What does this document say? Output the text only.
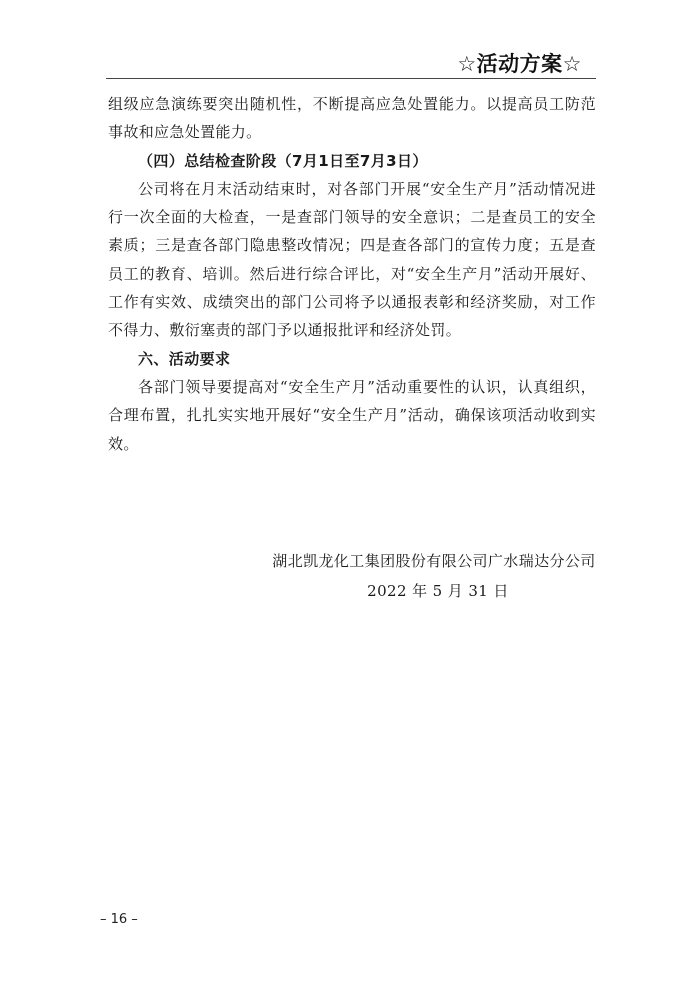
☆活动方案☆

组级应急演练要突出随机性，不断提高应急处置能力。以提高员工防范事故和应急处置能力。

（四）总结检查阶段（7月1日至7月3日）

公司将在月末活动结束时，对各部门开展“安全生产月”活动情况进行一次全面的大检查，一是查部门领导的安全意识；二是查员工的安全素质；三是查各部门隐患整改情况；四是查各部门的宣传力度；五是查员工的教育、培训。然后进行综合评比，对“安全生产月”活动开展好、工作有实效、成绩突出的部门公司将予以通报表彰和经济奖励，对工作不得力、敷衍塞责的部门予以通报批评和经济处罚。

六、活动要求

各部门领导要提高对“安全生产月”活动重要性的认识，认真组织，合理布置，扎扎实实地开展好“安全生产月”活动，确保该项活动收到实效。

湖北凯龙化工集团股份有限公司广水瑞达分公司
2022 年 5 月 31 日
– 16 –
